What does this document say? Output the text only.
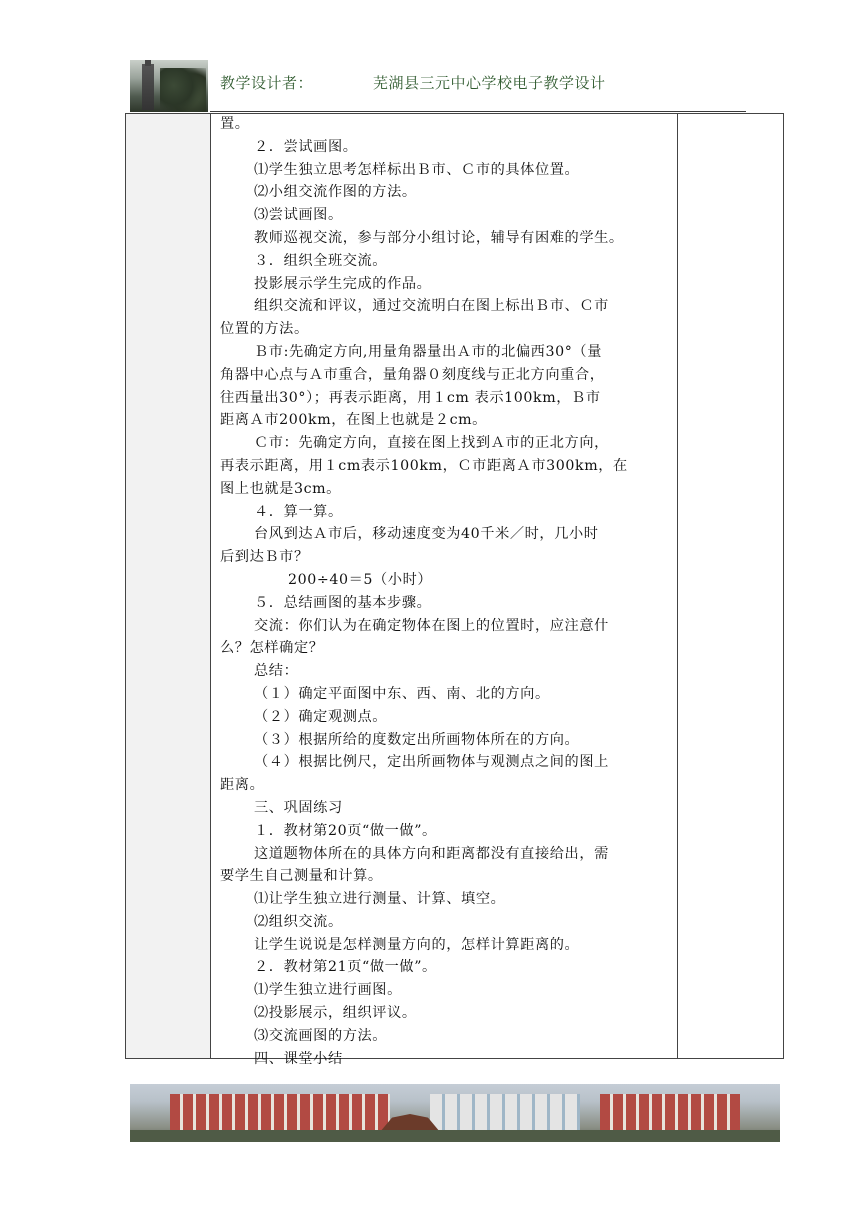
教学设计者：	芜湖县三元中心学校电子教学设计
置。
２．尝试画图。
⑴学生独立思考怎样标出Ｂ市、Ｃ市的具体位置。
⑵小组交流作图的方法。
⑶尝试画图。
教师巡视交流，参与部分小组讨论，辅导有困难的学生。
３．组织全班交流。
投影展示学生完成的作品。
组织交流和评议，通过交流明白在图上标出Ｂ市、Ｃ市
位置的方法。
Ｂ市:先确定方向,用量角器量出Ａ市的北偏西30°（量
角器中心点与Ａ市重合，量角器０刻度线与正北方向重合，
往西量出30°）；再表示距离，用１cm 表示100km，Ｂ市
距离Ａ市200km，在图上也就是２cm。
Ｃ市：先确定方向，直接在图上找到Ａ市的正北方向，
再表示距离，用１cm表示100km，Ｃ市距离Ａ市300km，在
图上也就是3cm。
４．算一算。
台风到达Ａ市后，移动速度变为40千米／时，几小时
后到达Ｂ市？
200÷40＝5（小时）
５．总结画图的基本步骤。
交流：你们认为在确定物体在图上的位置时，应注意什
么？怎样确定？
总结：
（１）确定平面图中东、西、南、北的方向。
（２）确定观测点。
（３）根据所给的度数定出所画物体所在的方向。
（４）根据比例尺，定出所画物体与观测点之间的图上
距离。
三、巩固练习
１．教材第20页“做一做”。
这道题物体所在的具体方向和距离都没有直接给出，需
要学生自己测量和计算。
⑴让学生独立进行测量、计算、填空。
⑵组织交流。
让学生说说是怎样测量方向的，怎样计算距离的。
２．教材第21页“做一做”。
⑴学生独立进行画图。
⑵投影展示，组织评议。
⑶交流画图的方法。
四、课堂小结
